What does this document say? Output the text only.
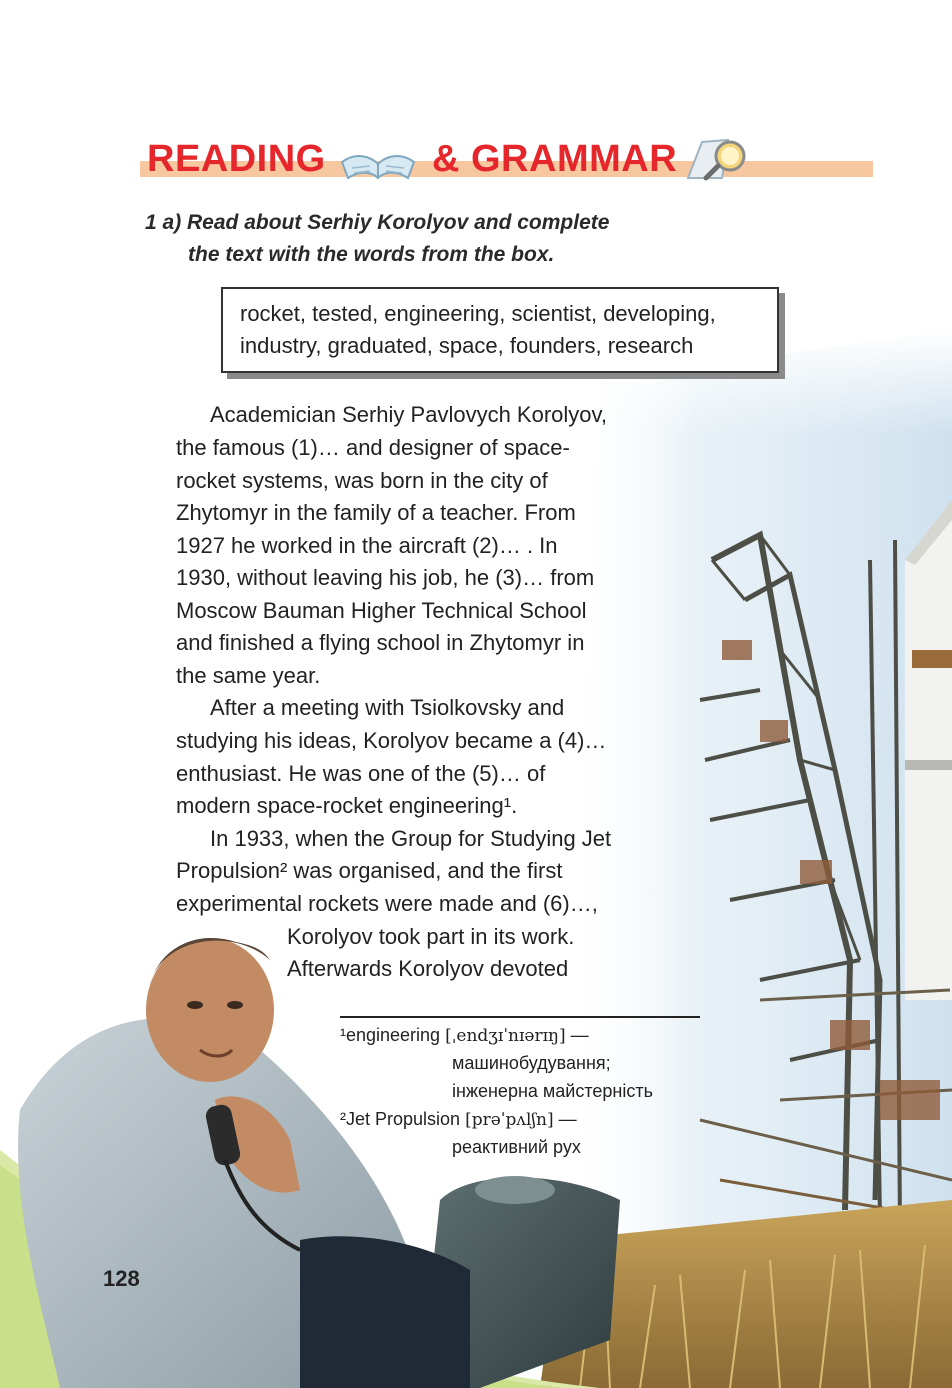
READING	& GRAMMAR
1 a) Read about Serhiy Korolyov and complete
the text with the words from the box.
rocket, tested, engineering, scientist, developing,
industry, graduated, space, founders, research
Academician Serhiy Pavlovych Korolyov,
the famous (1)… and designer of space-
rocket systems, was born in the city of
Zhytomyr in the family of a teacher. From
1927 he worked in the aircraft (2)… . In
1930, without leaving his job, he (3)… from
Moscow Bauman Higher Technical School
and finished a flying school in Zhytomyr in
the same year.
After a meeting with Tsiolkovsky and
studying his ideas, Korolyov became a (4)…
enthusiast. He was one of the (5)… of
modern space-rocket engineering¹.
In 1933, when the Group for Studying Jet
Propulsion² was organised, and the first
experimental rockets were made and (6)…,
Korolyov took part in its work.
Afterwards Korolyov devoted
¹engineering [ˌendʒɪˈnɪərɪŋ] —
машинобудування;
інженерна майстерність
²Jet Propulsion [prəˈpʌlʃn] —
реактивний рух
128
